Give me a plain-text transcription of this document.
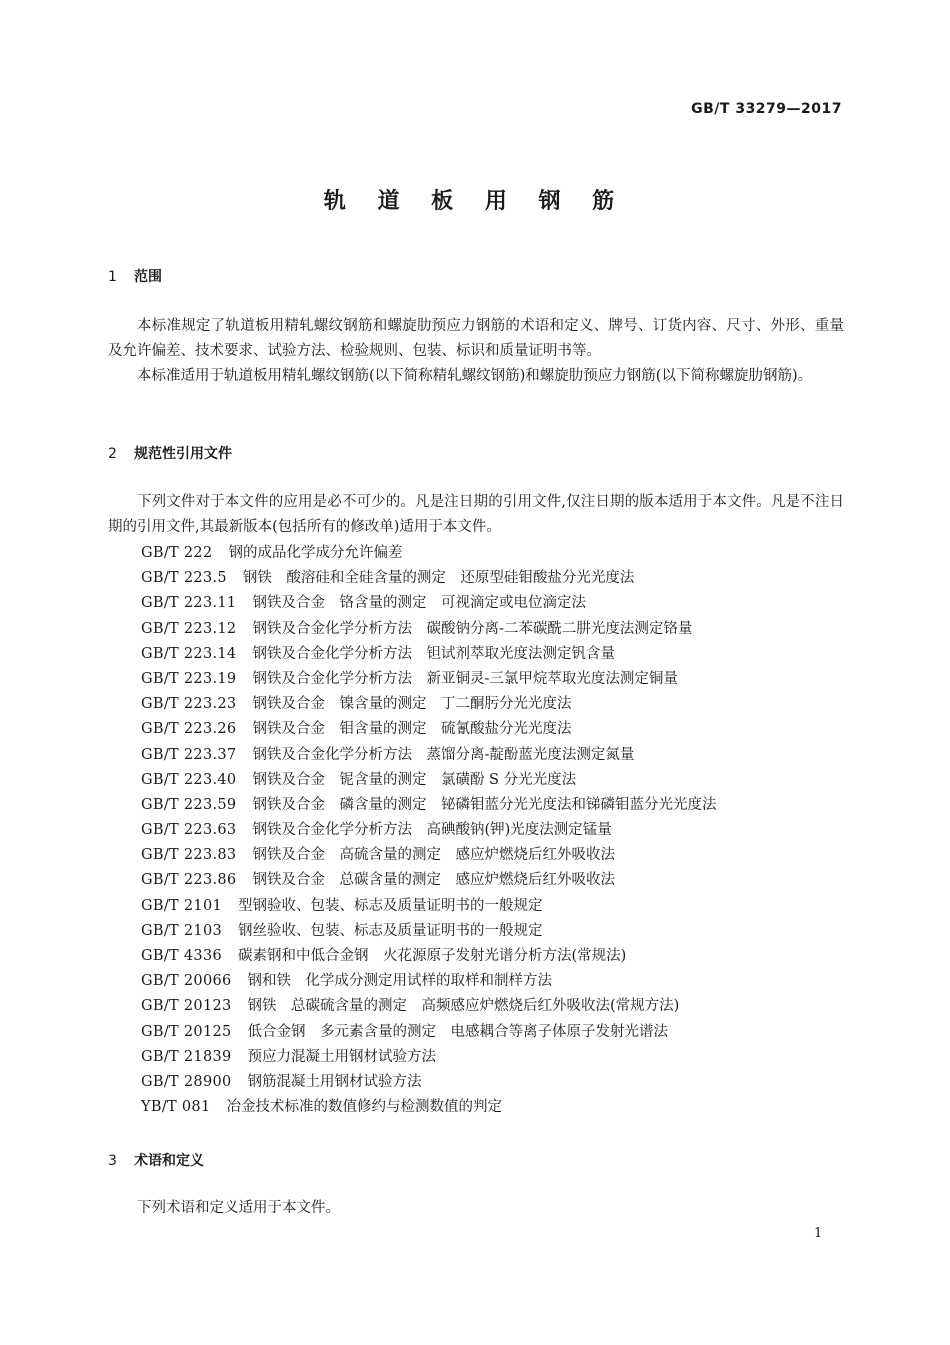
GB/T 33279—2017
轨 道 板 用 钢 筋
1 范围

本标准规定了轨道板用精轧螺纹钢筋和螺旋肋预应力钢筋的术语和定义、牌号、订货内容、尺寸、外形、重量及允许偏差、技术要求、试验方法、检验规则、包装、标识和质量证明书等。

本标准适用于轨道板用精轧螺纹钢筋(以下简称精轧螺纹钢筋)和螺旋肋预应力钢筋(以下简称螺旋肋钢筋)。

2 规范性引用文件

下列文件对于本文件的应用是必不可少的。凡是注日期的引用文件,仅注日期的版本适用于本文件。凡是不注日期的引用文件,其最新版本(包括所有的修改单)适用于本文件。

GB/T 222 钢的成品化学成分允许偏差
GB/T 223.5 钢铁　酸溶硅和全硅含量的测定　还原型硅钼酸盐分光光度法
GB/T 223.11 钢铁及合金　铬含量的测定　可视滴定或电位滴定法
GB/T 223.12 钢铁及合金化学分析方法　碳酸钠分离-二苯碳酰二肼光度法测定铬量
GB/T 223.14 钢铁及合金化学分析方法　钽试剂萃取光度法测定钒含量
GB/T 223.19 钢铁及合金化学分析方法　新亚铜灵-三氯甲烷萃取光度法测定铜量
GB/T 223.23 钢铁及合金　镍含量的测定　丁二酮肟分光光度法
GB/T 223.26 钢铁及合金　钼含量的测定　硫氰酸盐分光光度法
GB/T 223.37 钢铁及合金化学分析方法　蒸馏分离-靛酚蓝光度法测定氮量
GB/T 223.40 钢铁及合金　铌含量的测定　氯磺酚 S 分光光度法
GB/T 223.59 钢铁及合金　磷含量的测定　铋磷钼蓝分光光度法和锑磷钼蓝分光光度法
GB/T 223.63 钢铁及合金化学分析方法　高碘酸钠(钾)光度法测定锰量
GB/T 223.83 钢铁及合金　高硫含量的测定　感应炉燃烧后红外吸收法
GB/T 223.86 钢铁及合金　总碳含量的测定　感应炉燃烧后红外吸收法
GB/T 2101 型钢验收、包装、标志及质量证明书的一般规定
GB/T 2103 钢丝验收、包装、标志及质量证明书的一般规定
GB/T 4336 碳素钢和中低合金钢　火花源原子发射光谱分析方法(常规法)
GB/T 20066 钢和铁　化学成分测定用试样的取样和制样方法
GB/T 20123 钢铁　总碳硫含量的测定　高频感应炉燃烧后红外吸收法(常规方法)
GB/T 20125 低合金钢　多元素含量的测定　电感耦合等离子体原子发射光谱法
GB/T 21839 预应力混凝土用钢材试验方法
GB/T 28900 钢筋混凝土用钢材试验方法
YB/T 081 冶金技术标准的数值修约与检测数值的判定
3 术语和定义

下列术语和定义适用于本文件。

1
